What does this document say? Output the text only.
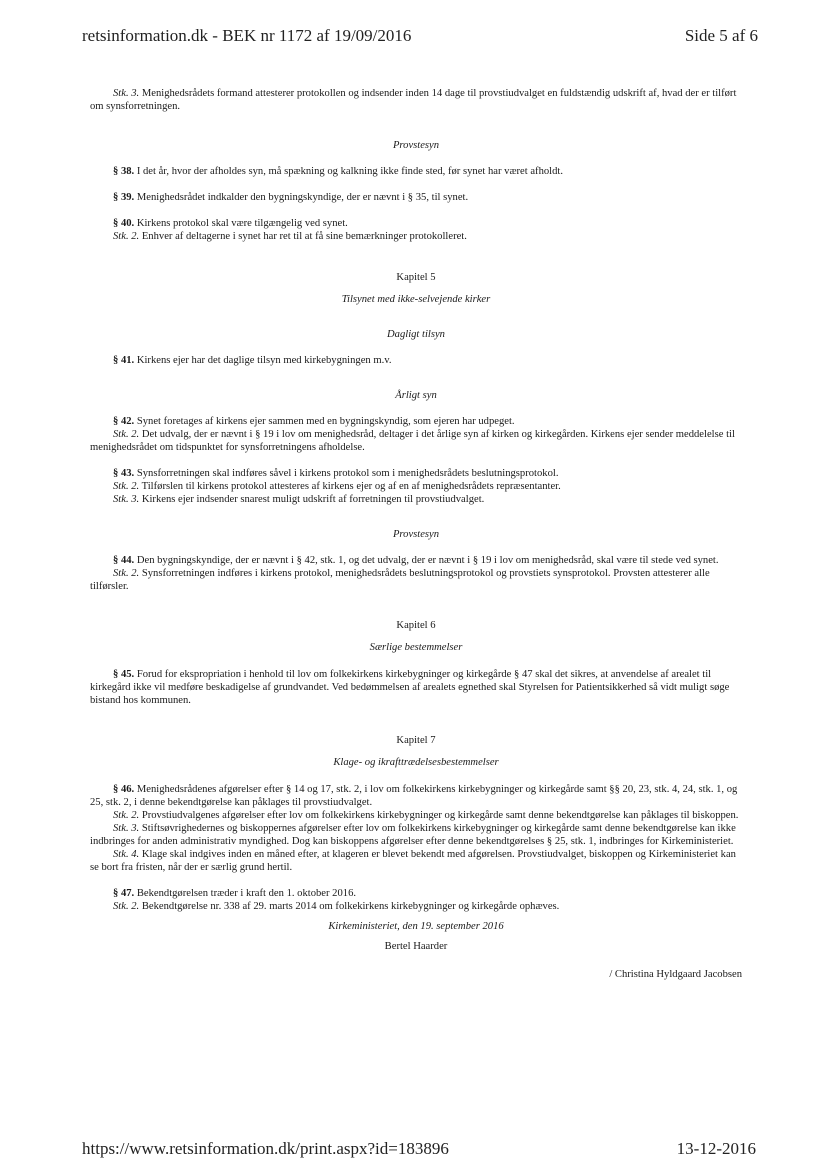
retsinformation.dk - BEK nr 1172 af 19/09/2016	Side 5 af 6

Stk. 3. Menighedsrådets formand attesterer protokollen og indsender inden 14 dage til provstiudvalget en fuldstændig udskrift af, hvad der er tilført om synsforretningen.

Provstesyn

§ 38. I det år, hvor der afholdes syn, må spækning og kalkning ikke finde sted, før synet har været afholdt.

§ 39. Menighedsrådet indkalder den bygningskyndige, der er nævnt i § 35, til synet.

§ 40. Kirkens protokol skal være tilgængelig ved synet.

Stk. 2. Enhver af deltagerne i synet har ret til at få sine bemærkninger protokolleret.

Kapitel 5

Tilsynet med ikke-selvejende kirker

Dagligt tilsyn

§ 41. Kirkens ejer har det daglige tilsyn med kirkebygningen m.v.

Årligt syn

§ 42. Synet foretages af kirkens ejer sammen med en bygningskyndig, som ejeren har udpeget.

Stk. 2. Det udvalg, der er nævnt i § 19 i lov om menighedsråd, deltager i det årlige syn af kirken og kirkegården. Kirkens ejer sender meddelelse til menighedsrådet om tidspunktet for synsforretningens afholdelse.

§ 43. Synsforretningen skal indføres såvel i kirkens protokol som i menighedsrådets beslutningsprotokol.

Stk. 2. Tilførslen til kirkens protokol attesteres af kirkens ejer og af en af menighedsrådets repræsentanter.

Stk. 3. Kirkens ejer indsender snarest muligt udskrift af forretningen til provstiudvalget.

Provstesyn

§ 44. Den bygningskyndige, der er nævnt i § 42, stk. 1, og det udvalg, der er nævnt i § 19 i lov om menighedsråd, skal være til stede ved synet.

Stk. 2. Synsforretningen indføres i kirkens protokol, menighedsrådets beslutningsprotokol og provstiets synsprotokol. Provsten attesterer alle tilførsler.

Kapitel 6

Særlige bestemmelser

§ 45. Forud for ekspropriation i henhold til lov om folkekirkens kirkebygninger og kirkegårde § 47 skal det sikres, at anvendelse af arealet til kirkegård ikke vil medføre beskadigelse af grundvandet. Ved bedømmelsen af arealets egnethed skal Styrelsen for Patientsikkerhed så vidt muligt søge bistand hos kommunen.

Kapitel 7

Klage- og ikrafttrædelsesbestemmelser

§ 46. Menighedsrådenes afgørelser efter § 14 og 17, stk. 2, i lov om folkekirkens kirkebygninger og kirkegårde samt §§ 20, 23, stk. 4, 24, stk. 1, og 25, stk. 2, i denne bekendtgørelse kan påklages til provstiudvalget.

Stk. 2. Provstiudvalgenes afgørelser efter lov om folkekirkens kirkebygninger og kirkegårde samt denne bekendtgørelse kan påklages til biskoppen.

Stk. 3. Stiftsøvrighedernes og biskoppernes afgørelser efter lov om folkekirkens kirkebygninger og kirkegårde samt denne bekendtgørelse kan ikke indbringes for anden administrativ myndighed. Dog kan biskoppens afgørelser efter denne bekendtgørelses § 25, stk. 1, indbringes for Kirkeministeriet.

Stk. 4. Klage skal indgives inden en måned efter, at klageren er blevet bekendt med afgørelsen. Provstiudvalget, biskoppen og Kirkeministeriet kan se bort fra fristen, når der er særlig grund hertil.

§ 47. Bekendtgørelsen træder i kraft den 1. oktober 2016.

Stk. 2. Bekendtgørelse nr. 338 af 29. marts 2014 om folkekirkens kirkebygninger og kirkegårde ophæves.

Kirkeministeriet, den 19. september 2016

Bertel Haarder

/ Christina Hyldgaard Jacobsen

https://www.retsinformation.dk/print.aspx?id=183896	13-12-2016
